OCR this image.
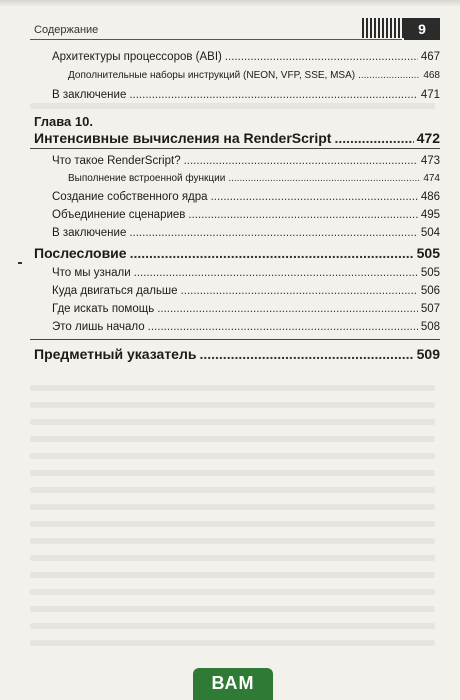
Содержание	9
Архитектуры процессоров (ABI) .....	467
Дополнительные наборы инструкций (NEON, VFP, SSE, MSA) .....	468
В заключение .....	471
Глава 10.
Интенсивные вычисления на RenderScript .....	472
Что такое RenderScript? .....	473
Выполнение встроенной функции .....	474
Создание собственного ядра .....	486
Объединение сценариев .....	495
В заключение .....	504
Послесловие .....	505
Что мы узнали .....	505
Куда двигаться дальше .....	506
Где искать помощь .....	507
Это лишь начало .....	508
Предметный указатель .....	509
ВАМ
